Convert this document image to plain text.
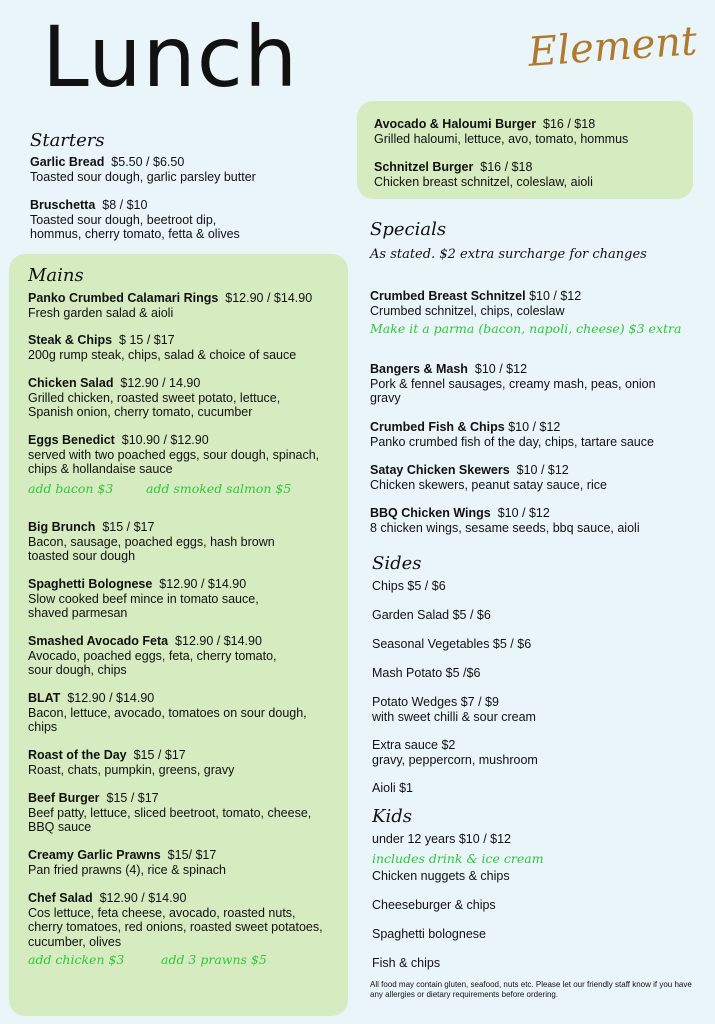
Lunch	Element
Avocado & Haloumi Burger $16 / $18
Grilled haloumi, lettuce, avo, tomato, hommus
Schnitzel Burger $16 / $18
Chicken breast schnitzel, coleslaw, aioli
Starters
Garlic Bread $5.50 / $6.50
Toasted sour dough, garlic parsley butter
Bruschetta $8 / $10
Toasted sour dough, beetroot dip,
hommus, cherry tomato, fetta & olives
Mains
Panko Crumbed Calamari Rings $12.90 / $14.90
Fresh garden salad & aioli
Steak & Chips $ 15 / $17
200g rump steak, chips, salad & choice of sauce
Chicken Salad $12.90 / 14.90
Grilled chicken, roasted sweet potato, lettuce,
Spanish onion, cherry tomato, cucumber
Eggs Benedict $10.90 / $12.90
served with two poached eggs, sour dough, spinach,
chips & hollandaise sauce
add bacon $3	add smoked salmon $5
Big Brunch $15 / $17
Bacon, sausage, poached eggs, hash brown
toasted sour dough
Spaghetti Bolognese $12.90 / $14.90
Slow cooked beef mince in tomato sauce,
shaved parmesan
Smashed Avocado Feta $12.90 / $14.90
Avocado, poached eggs, feta, cherry tomato,
sour dough, chips
BLAT $12.90 / $14.90
Bacon, lettuce, avocado, tomatoes on sour dough,
chips
Roast of the Day $15 / $17
Roast, chats, pumpkin, greens, gravy
Beef Burger $15 / $17
Beef patty, lettuce, sliced beetroot, tomato, cheese,
BBQ sauce
Creamy Garlic Prawns $15/ $17
Pan fried prawns (4), rice & spinach
Chef Salad $12.90 / $14.90
Cos lettuce, feta cheese, avocado, roasted nuts,
cherry tomatoes, red onions, roasted sweet potatoes,
cucumber, olives
add chicken $3	add 3 prawns $5
Specials
As stated. $2 extra surcharge for changes
Crumbed Breast Schnitzel $10 / $12
Crumbed schnitzel, chips, coleslaw
Make it a parma (bacon, napoli, cheese) $3 extra
Bangers & Mash $10 / $12
Pork & fennel sausages, creamy mash, peas, onion
gravy
Crumbed Fish & Chips $10 / $12
Panko crumbed fish of the day, chips, tartare sauce
Satay Chicken Skewers $10 / $12
Chicken skewers, peanut satay sauce, rice
BBQ Chicken Wings $10 / $12
8 chicken wings, sesame seeds, bbq sauce, aioli
Sides
Chips $5 / $6
Garden Salad $5 / $6
Seasonal Vegetables $5 / $6
Mash Potato $5 /$6
Potato Wedges $7 / $9
with sweet chilli & sour cream
Extra sauce $2
gravy, peppercorn, mushroom
Aioli $1
Kids
under 12 years $10 / $12
includes drink & ice cream
Chicken nuggets & chips
Cheeseburger & chips
Spaghetti bolognese
Fish & chips
All food may contain gluten, seafood, nuts etc. Please let our friendly staff know if you have any allergies or dietary requirements before ordering.
